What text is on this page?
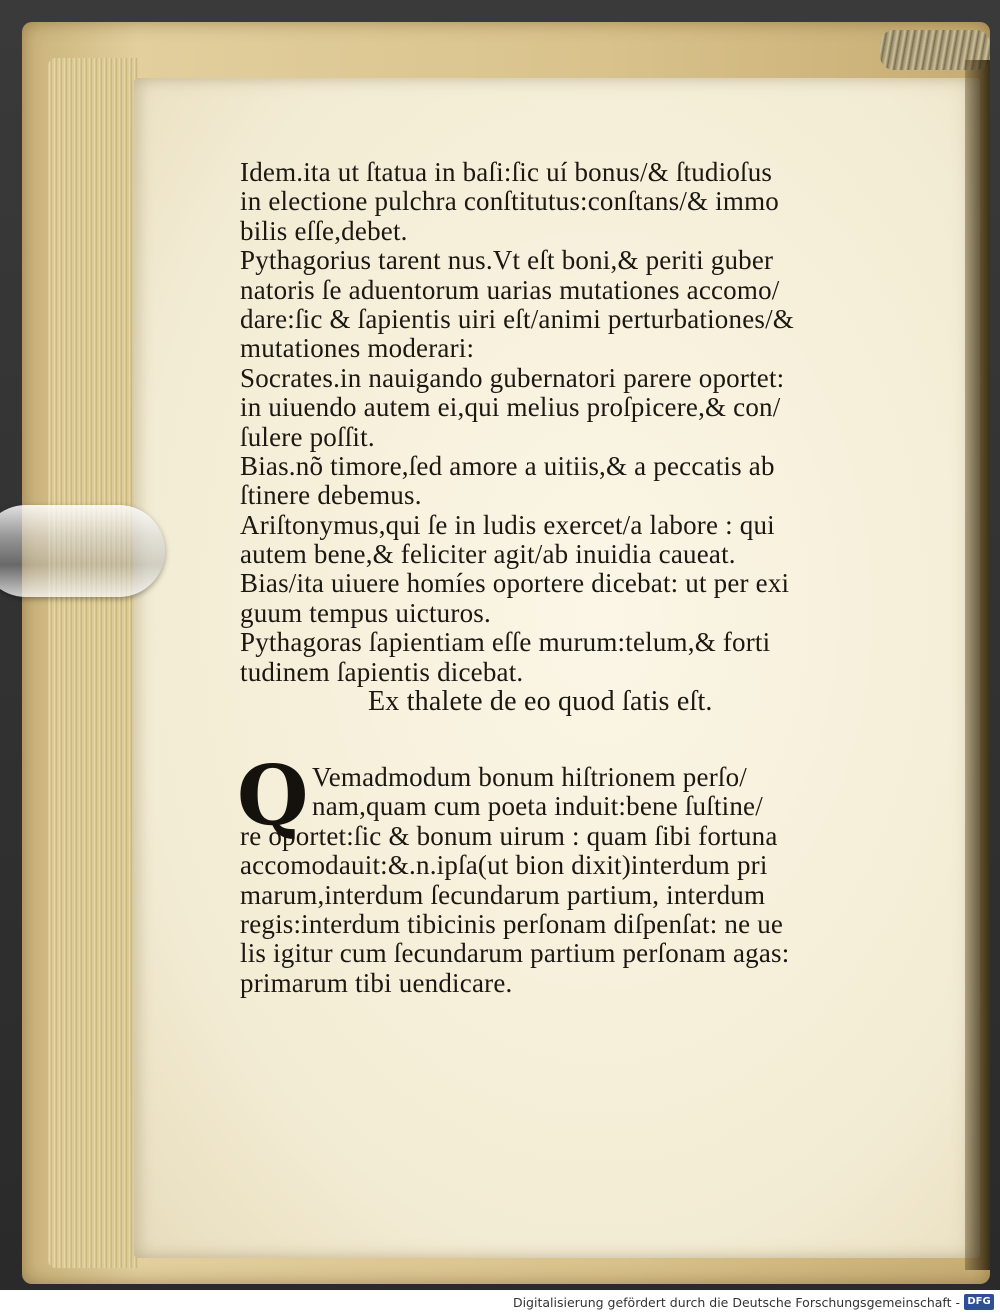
Idem.ita ut ſtatua in baſi:ſic uí bonus/& ſtudioſus
in electione pulchra conſtitutus:conſtans/& immo
bilis eſſe,debet.
Pythagorius tarent nus.Vt eſt boni,& periti guber
natoris ſe aduentorum uarias mutationes accomo/
dare:ſic & ſapientis uiri eſt/animi perturbationes/&
mutationes moderari:
Socrates.in nauigando gubernatori parere oportet:
in uiuendo autem ei,qui melius proſpicere,& con/
ſulere poſſit.
Bias.nõ timore,ſed amore a uitiis,& a peccatis ab
ſtinere debemus.
Ariſtonymus,qui ſe in ludis exercet/a labore : qui
autem bene,& feliciter agit/ab inuidia caueat.
Bias/ita uiuere homíes oportere dicebat: ut per exi
guum tempus uicturos.
Pythagoras ſapientiam eſſe murum:telum,& forti
tudinem ſapientis dicebat.
Ex thalete de eo quod ſatis eſt.
Q Vemadmodum bonum hiſtrionem perſo/
nam,quam cum poeta induit:bene ſuſtine/
re oportet:ſic & bonum uirum : quam ſibi fortuna
accomodauit:&.n.ipſa(ut bion dixit)interdum pri
marum,interdum ſecundarum partium, interdum
regis:interdum tibicinis perſonam diſpenſat: ne ue
lis igitur cum ſecundarum partium perſonam agas:
primarum tibi uendicare.
Digitalisierung gefördert durch die Deutsche Forschungsgemeinschaft - DFG
